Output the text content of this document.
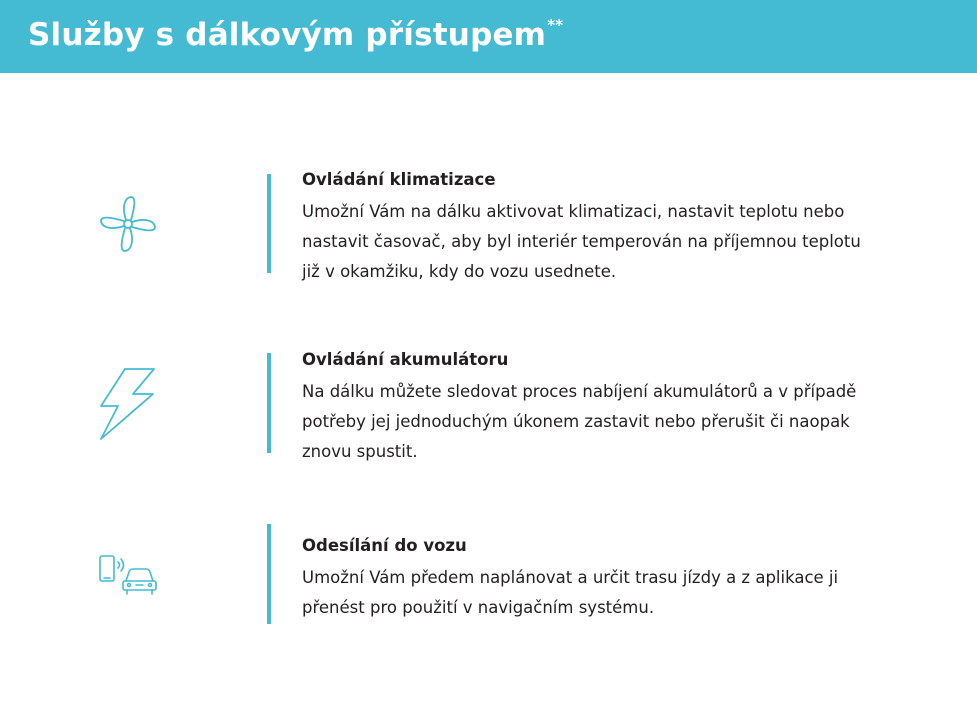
Služby s dálkovým přístupem**
Ovládání klimatizace
Umožní Vám na dálku aktivovat klimatizaci, nastavit teplotu nebo
nastavit časovač, aby byl interiér temperován na příjemnou teplotu
již v okamžiku, kdy do vozu usednete.
Ovládání akumulátoru
Na dálku můžete sledovat proces nabíjení akumulátorů a v případě
potřeby jej jednoduchým úkonem zastavit nebo přerušit či naopak
znovu spustit.
Odesílání do vozu
Umožní Vám předem naplánovat a určit trasu jízdy a z aplikace ji
přenést pro použití v navigačním systému.
